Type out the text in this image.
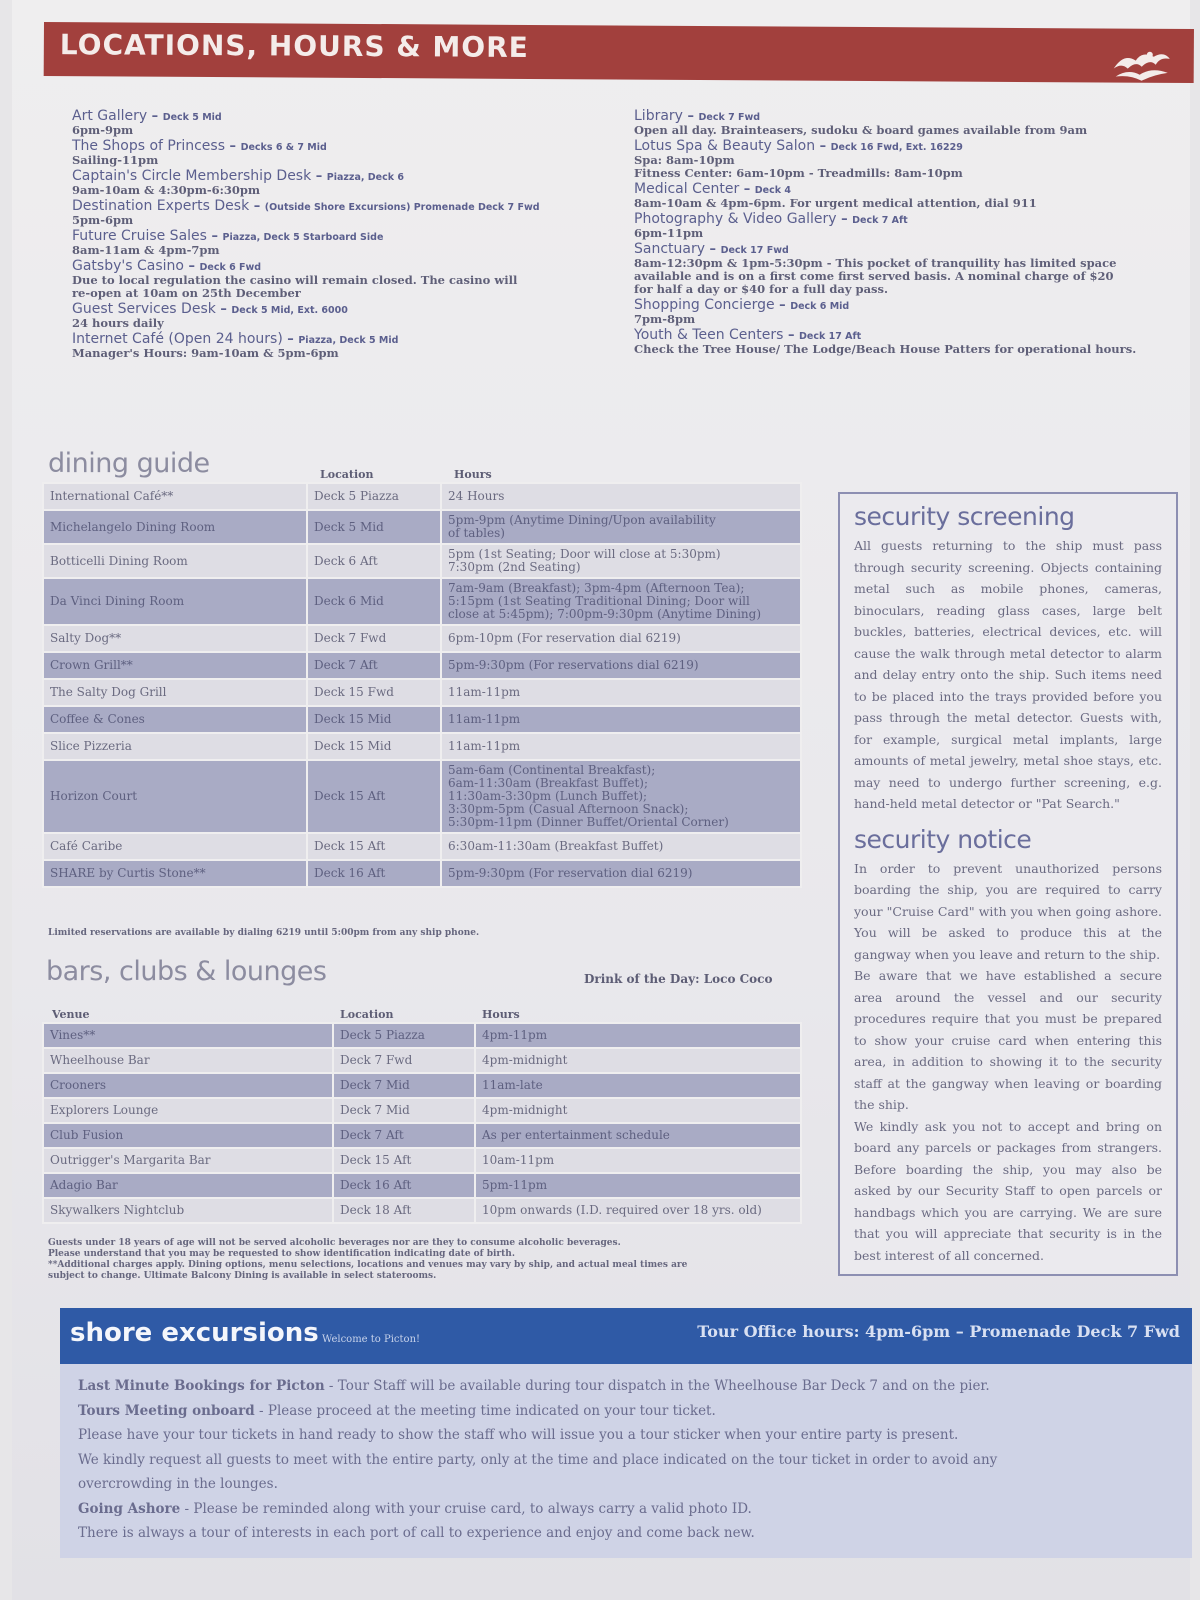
LOCATIONS, HOURS & MORE
Art Gallery – Deck 5 Mid
6pm-9pm
The Shops of Princess – Decks 6 & 7 Mid
Sailing-11pm
Captain's Circle Membership Desk – Piazza, Deck 6
9am-10am & 4:30pm-6:30pm
Destination Experts Desk – (Outside Shore Excursions) Promenade Deck 7 Fwd
5pm-6pm
Future Cruise Sales – Piazza, Deck 5 Starboard Side
8am-11am & 4pm-7pm
Gatsby's Casino – Deck 6 Fwd
Due to local regulation the casino will remain closed. The casino will
re-open at 10am on 25th December
Guest Services Desk – Deck 5 Mid, Ext. 6000
24 hours daily
Internet Café (Open 24 hours) – Piazza, Deck 5 Mid
Manager's Hours: 9am-10am & 5pm-6pm
Library – Deck 7 Fwd
Open all day. Brainteasers, sudoku & board games available from 9am
Lotus Spa & Beauty Salon – Deck 16 Fwd, Ext. 16229
Spa: 8am-10pm
Fitness Center: 6am-10pm - Treadmills: 8am-10pm
Medical Center – Deck 4
8am-10am & 4pm-6pm. For urgent medical attention, dial 911
Photography & Video Gallery – Deck 7 Aft
6pm-11pm
Sanctuary – Deck 17 Fwd
8am-12:30pm & 1pm-5:30pm - This pocket of tranquility has limited space
available and is on a first come first served basis. A nominal charge of $20
for half a day or $40 for a full day pass.
Shopping Concierge – Deck 6 Mid
7pm-8pm
Youth & Teen Centers – Deck 17 Aft
Check the Tree House/ The Lodge/Beach House Patters for operational hours.
dining guide	Location	Hours
International Café**	Deck 5 Piazza	24 Hours

Michelangelo Dining Room	Deck 5 Mid	5pm-9pm (Anytime Dining/Upon availability
of tables)

Botticelli Dining Room	Deck 6 Aft	5pm (1st Seating; Door will close at 5:30pm)
7:30pm (2nd Seating)

Da Vinci Dining Room	Deck 6 Mid	7am-9am (Breakfast); 3pm-4pm (Afternoon Tea);
5:15pm (1st Seating Traditional Dining; Door will
close at 5:45pm); 7:00pm-9:30pm (Anytime Dining)

Salty Dog**	Deck 7 Fwd	6pm-10pm (For reservation dial 6219)

Crown Grill**	Deck 7 Aft	5pm-9:30pm (For reservations dial 6219)

The Salty Dog Grill	Deck 15 Fwd	11am-11pm

Coffee & Cones	Deck 15 Mid	11am-11pm

Slice Pizzeria	Deck 15 Mid	11am-11pm

Horizon Court	Deck 15 Aft	5am-6am (Continental Breakfast);
6am-11:30am (Breakfast Buffet);
11:30am-3:30pm (Lunch Buffet);
3:30pm-5pm (Casual Afternoon Snack);
5:30pm-11pm (Dinner Buffet/Oriental Corner)

Café Caribe	Deck 15 Aft	6:30am-11:30am (Breakfast Buffet)

SHARE by Curtis Stone**	Deck 16 Aft	5pm-9:30pm (For reservation dial 6219)
Limited reservations are available by dialing 6219 until 5:00pm from any ship phone.
bars, clubs & lounges	Drink of the Day: Loco Coco
Venue	Location	Hours
Vines**	Deck 5 Piazza	4pm-11pm
Wheelhouse Bar	Deck 7 Fwd	4pm-midnight
Crooners	Deck 7 Mid	11am-late
Explorers Lounge	Deck 7 Mid	4pm-midnight
Club Fusion	Deck 7 Aft	As per entertainment schedule
Outrigger's Margarita Bar	Deck 15 Aft	10am-11pm
Adagio Bar	Deck 16 Aft	5pm-11pm
Skywalkers Nightclub	Deck 18 Aft	10pm onwards (I.D. required over 18 yrs. old)
Guests under 18 years of age will not be served alcoholic beverages nor are they to consume alcoholic beverages.
Please understand that you may be requested to show identification indicating date of birth.
**Additional charges apply. Dining options, menu selections, locations and venues may vary by ship, and actual meal times are
subject to change. Ultimate Balcony Dining is available in select staterooms.
security screening
All guests returning to the ship must pass through security screening. Objects containing metal such as mobile phones, cameras, binoculars, reading glass cases, large belt buckles, batteries, electrical devices, etc. will cause the walk through metal detector to alarm and delay entry onto the ship. Such items need to be placed into the trays provided before you pass through the metal detector. Guests with, for example, surgical metal implants, large amounts of metal jewelry, metal shoe stays, etc. may need to undergo further screening, e.g. hand-held metal detector or "Pat Search."
security notice
In order to prevent unauthorized persons boarding the ship, you are required to carry your "Cruise Card" with you when going ashore. You will be asked to produce this at the gangway when you leave and return to the ship.
Be aware that we have established a secure area around the vessel and our security procedures require that you must be prepared to show your cruise card when entering this area, in addition to showing it to the security staff at the gangway when leaving or boarding the ship.
We kindly ask you not to accept and bring on board any parcels or packages from strangers. Before boarding the ship, you may also be asked by our Security Staff to open parcels or handbags which you are carrying. We are sure that you will appreciate that security is in the best interest of all concerned.
shore excursions Welcome to Picton!	Tour Office hours: 4pm-6pm – Promenade Deck 7 Fwd
Last Minute Bookings for Picton - Tour Staff will be available during tour dispatch in the Wheelhouse Bar Deck 7 and on the pier.
Tours Meeting onboard - Please proceed at the meeting time indicated on your tour ticket.
Please have your tour tickets in hand ready to show the staff who will issue you a tour sticker when your entire party is present.
We kindly request all guests to meet with the entire party, only at the time and place indicated on the tour ticket in order to avoid any
overcrowding in the lounges.
Going Ashore - Please be reminded along with your cruise card, to always carry a valid photo ID.
There is always a tour of interests in each port of call to experience and enjoy and come back new.
